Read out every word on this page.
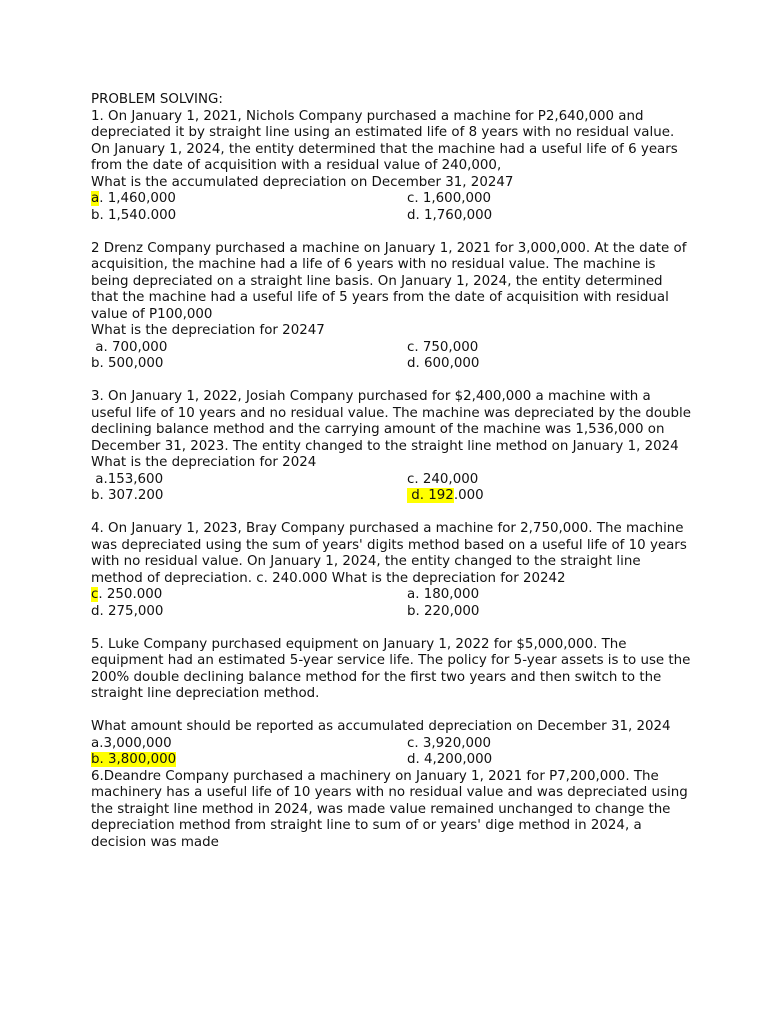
PROBLEM SOLVING:

1. On January 1, 2021, Nichols Company purchased a machine for P2,640,000 and depreciated it by straight line using an estimated life of 8 years with no residual value.

On January 1, 2024, the entity determined that the machine had a useful life of 6 years from the date of acquisition with a residual value of 240,000,

What is the accumulated depreciation on December 31, 20247

a. 1,460,000	c. 1,600,000
b. 1,540.000	d. 1,760,000

2 Drenz Company purchased a machine on January 1, 2021 for 3,000,000. At the date of acquisition, the machine had a life of 6 years with no residual value. The machine is being depreciated on a straight line basis. On January 1, 2024, the entity determined that the machine had a useful life of 5 years from the date of acquisition with residual value of P100,000

What is the depreciation for 20247

a. 700,000	c. 750,000
b. 500,000	d. 600,000

3. On January 1, 2022, Josiah Company purchased for $2,400,000 a machine with a useful life of 10 years and no residual value. The machine was depreciated by the double declining balance method and the carrying amount of the machine was 1,536,000 on December 31, 2023. The entity changed to the straight line method on January 1, 2024

What is the depreciation for 2024

a.153,600	c. 240,000
b. 307.200	d. 192.000

4. On January 1, 2023, Bray Company purchased a machine for 2,750,000. The machine was depreciated using the sum of years' digits method based on a useful life of 10 years with no residual value. On January 1, 2024, the entity changed to the straight line method of depreciation. c. 240.000 What is the depreciation for 20242

c. 250.000	a. 180,000
d. 275,000	b. 220,000

5. Luke Company purchased equipment on January 1, 2022 for $5,000,000. The equipment had an estimated 5-year service life. The policy for 5-year assets is to use the 200% double declining balance method for the first two years and then switch to the straight line depreciation method.

What amount should be reported as accumulated depreciation on December 31, 2024

a.3,000,000	c. 3,920,000
b. 3,800,000	d. 4,200,000

6.Deandre Company purchased a machinery on January 1, 2021 for P7,200,000. The machinery has a useful life of 10 years with no residual value and was depreciated using the straight line method in 2024, was made value remained unchanged to change the depreciation method from straight line to sum of or years' dige method in 2024, a decision was made
